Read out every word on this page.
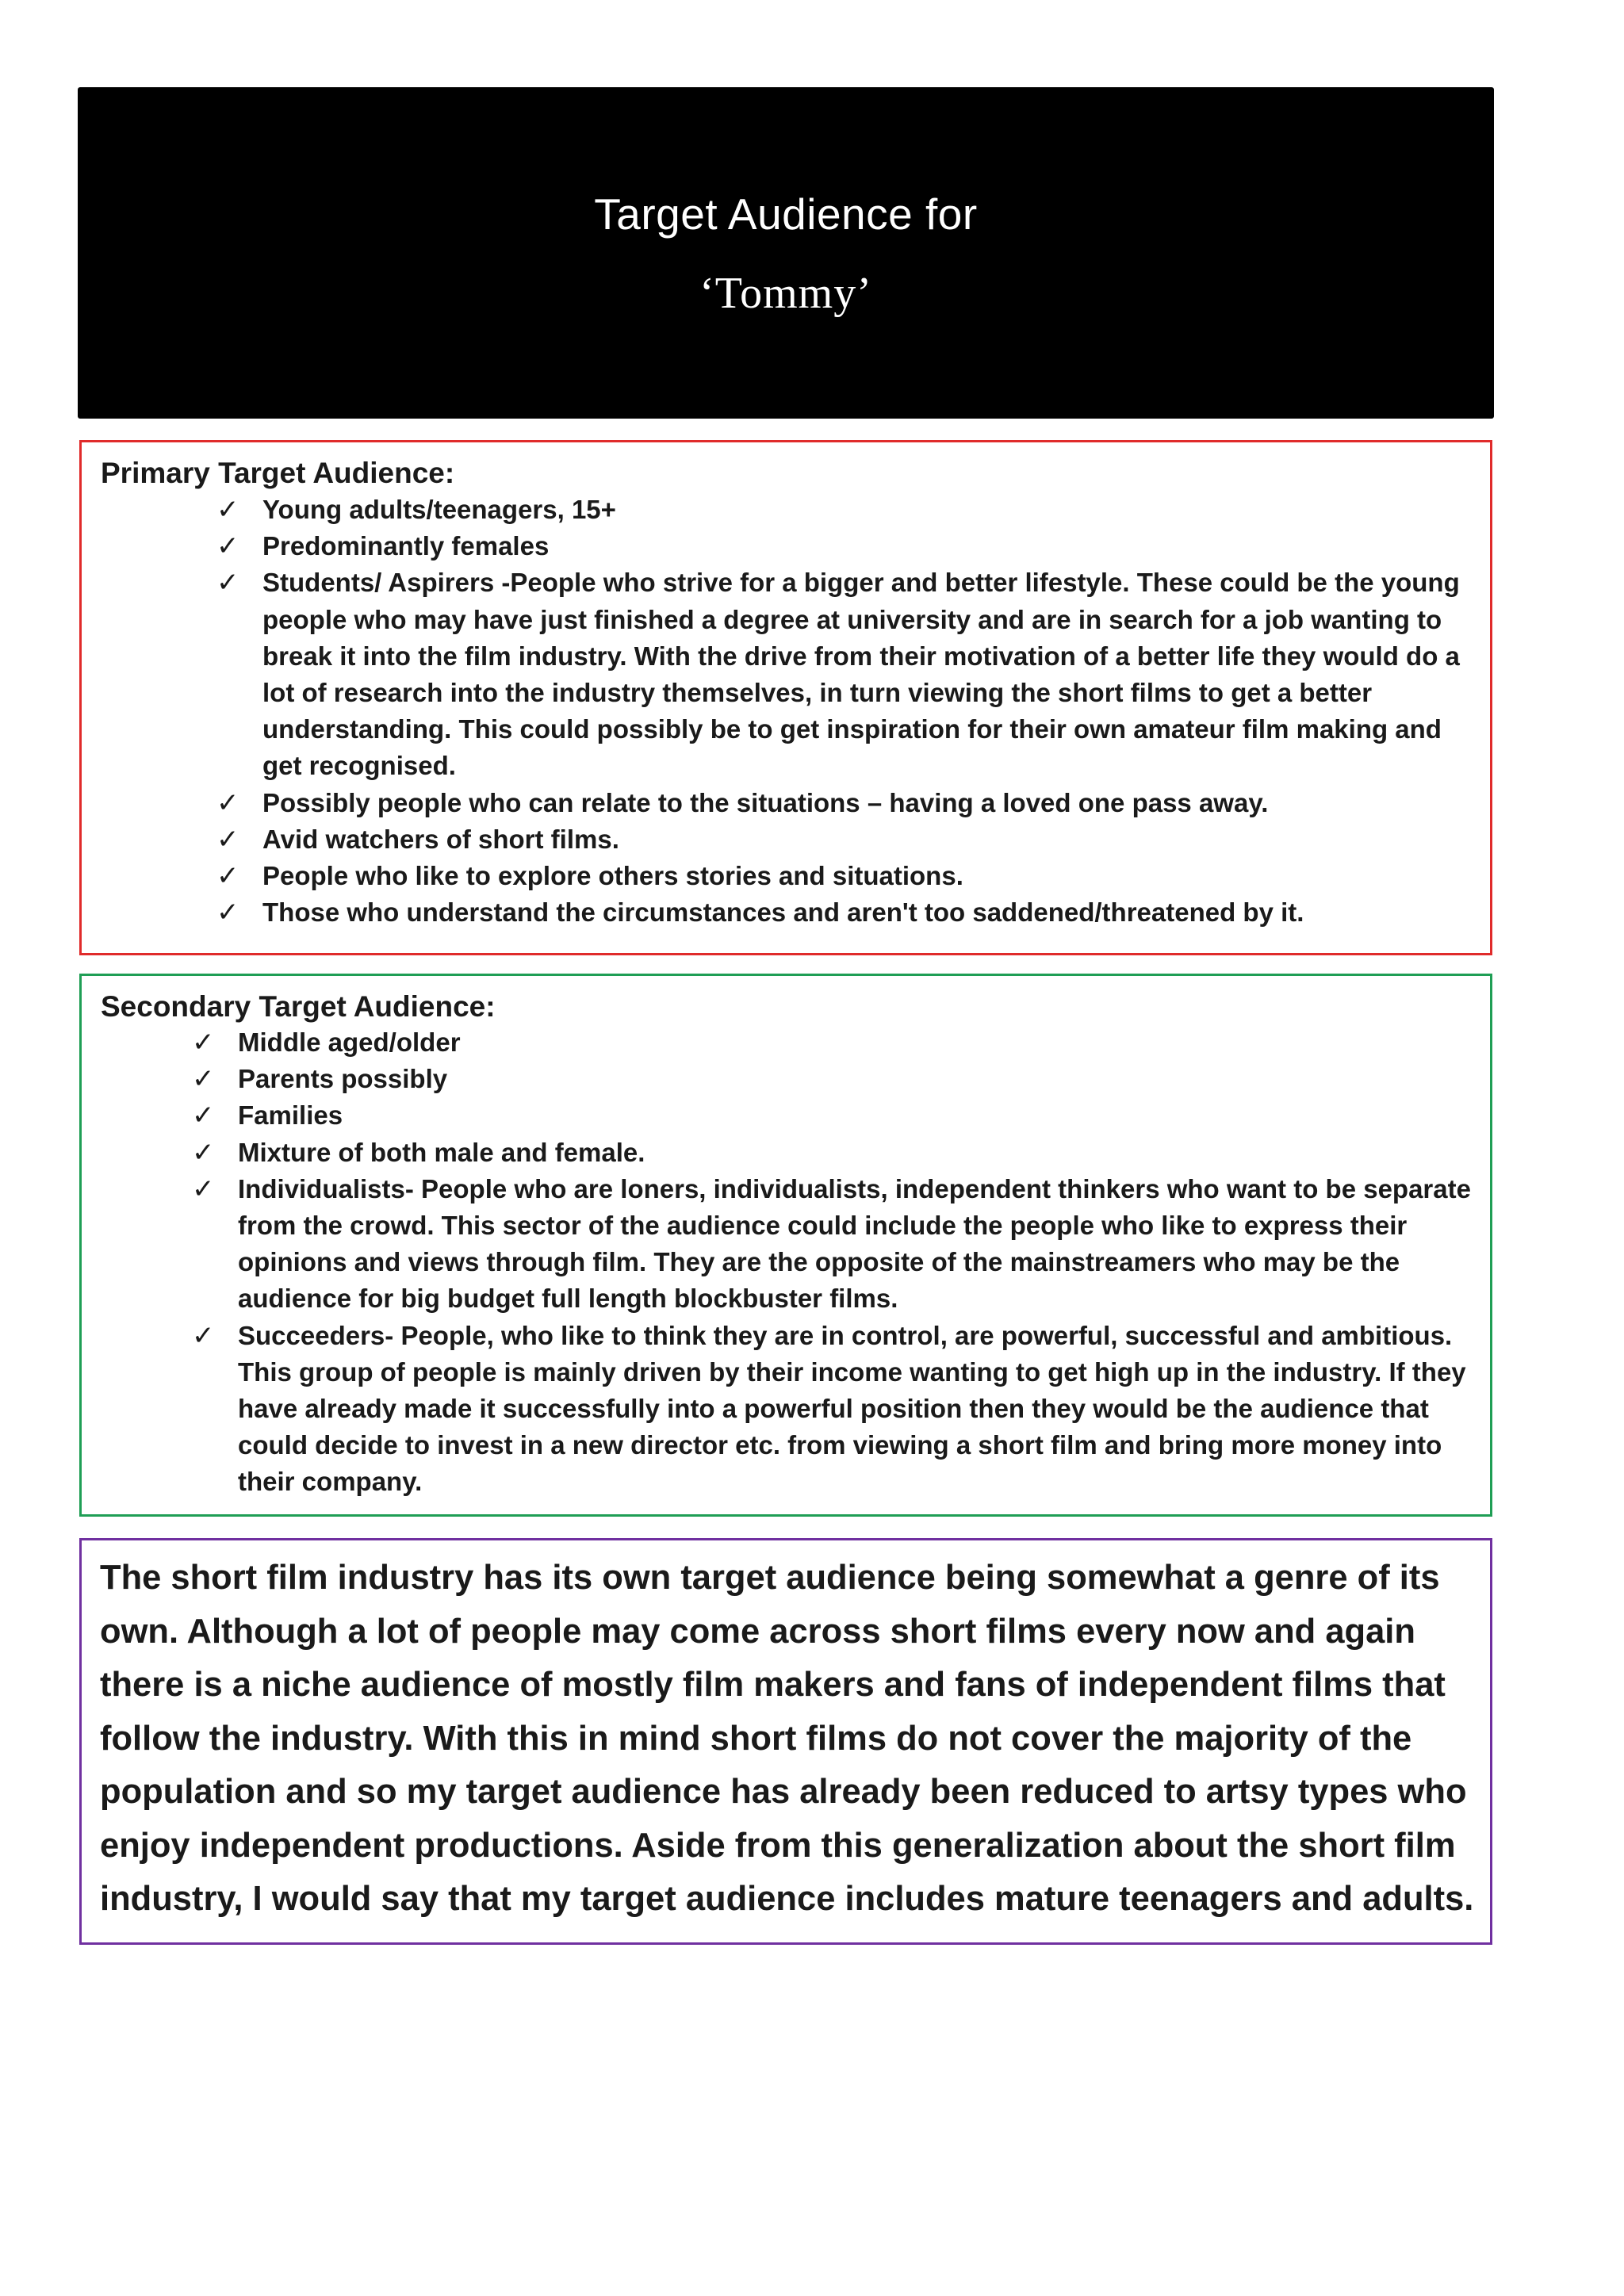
Target Audience for
‘Tommy’
Primary Target Audience:
✓ Young adults/teenagers, 15+
✓ Predominantly females
✓ Students/ Aspirers -People who strive for a bigger and better lifestyle. These could be the young people who may have just finished a degree at university and are in search for a job wanting to break it into the film industry. With the drive from their motivation of a better life they would do a lot of research into the industry themselves, in turn viewing the short films to get a better understanding. This could possibly be to get inspiration for their own amateur film making and get recognised.
✓ Possibly people who can relate to the situations – having a loved one pass away.
✓ Avid watchers of short films.
✓ People who like to explore others stories and situations.
✓ Those who understand the circumstances and aren't too saddened/threatened by it.
Secondary Target Audience:
✓ Middle aged/older
✓ Parents possibly
✓ Families
✓ Mixture of both male and female.
✓ Individualists- People who are loners, individualists, independent thinkers who want to be separate from the crowd. This sector of the audience could include the people who like to express their opinions and views through film. They are the opposite of the mainstreamers who may be the audience for big budget full length blockbuster films.
✓ Succeeders- People, who like to think they are in control, are powerful, successful and ambitious. This group of people is mainly driven by their income wanting to get high up in the industry. If they have already made it successfully into a powerful position then they would be the audience that could decide to invest in a new director etc. from viewing a short film and bring more money into their company.

The short film industry has its own target audience being somewhat a genre of its own. Although a lot of people may come across short films every now and again there is a niche audience of mostly film makers and fans of independent films that follow the industry. With this in mind short films do not cover the majority of the population and so my target audience has already been reduced to artsy types who enjoy independent productions. Aside from this generalization about the short film industry, I would say that my target audience includes mature teenagers and adults.
